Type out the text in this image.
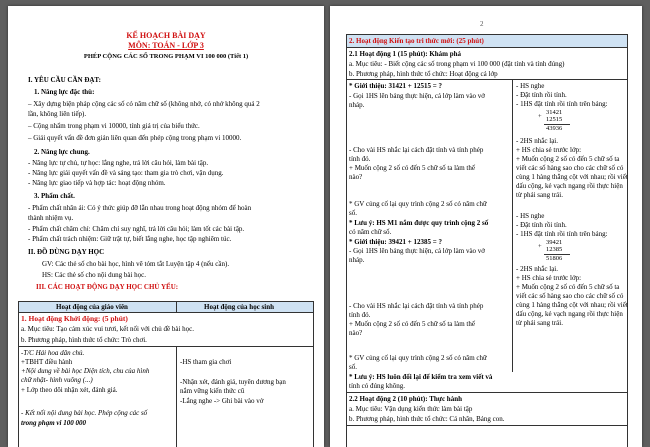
KẾ HOẠCH BÀI DẠY
MÔN: TOÁN - LỚP 3
PHÉP CỘNG CÁC SỐ TRONG PHẠM VI 100 000 (Tiết 1)
I. YÊU CẦU CẦN ĐẠT:
1. Năng lực đặc thù:
– Xây dựng biện pháp cộng các số có năm chữ số (không nhớ, có nhớ không quá 2
lần, không liên tiếp).
– Cộng nhẩm trong phạm vi 10000, tính giá trị của biểu thức.
– Giải quyết vấn đề đơn giản liên quan đến phép cộng trong phạm vi 10000.
2. Năng lực chung.
- Năng lực tự chủ, tự học: lắng nghe, trả lời câu hỏi, làm bài tập.
- Năng lực giải quyết vấn đề và sáng tạo: tham gia trò chơi, vận dụng.
- Năng lực giao tiếp và hợp tác: hoạt động nhóm.
3. Phẩm chất.
- Phẩm chất nhân ái: Có ý thức giúp đỡ lẫn nhau trong hoạt động nhóm để hoàn
thành nhiệm vụ.
- Phẩm chất chăm chỉ: Chăm chỉ suy nghĩ, trả lời câu hỏi; làm tốt các bài tập.
- Phẩm chất trách nhiệm: Giữ trật tự, biết lắng nghe, học tập nghiêm túc.
II. ĐỒ DÙNG DẠY HỌC
GV: Các thẻ số cho bài học, hình vẽ tóm tắt Luyện tập 4 (nếu cần).
HS: Các thẻ số cho nội dung bài học.
III. CÁC HOẠT ĐỘNG DẠY HỌC CHỦ YẾU:
Hoạt động của giáo viên	Hoạt động của học sinh
1. Hoạt động Khởi động: (5 phút)
a. Mục tiêu: Tạo cảm xúc vui tươi, kết nối với chủ đề bài học.
b. Phương pháp, hình thức tổ chức: Trò chơi.
-T/C Hái hoa dân chủ.
+TBHT điều hành
+Nội dung về bài học Diện tích, chu của hình
chữ nhật- hình vuông (...)
+ Lớp theo dõi nhận xét, đánh giá.
- Kết nối nội dung bài học. Phép cộng các số
trong phạm vi 100 000
-HS tham gia chơi
-Nhận xét, đánh giá, tuyên dương bạn
nắm vững kiến thức cũ
-Lắng nghe -> Ghi bài vào vở
2
2. Hoạt động Kiến tạo tri thức mới: (25 phút)
2.1 Hoạt động 1 (15 phút): Khám phá
a. Mục tiêu: - Biết cộng các số trong phạm vi 100 000 (đặt tính và tính đúng)
b. Phương pháp, hình thức tổ chức: Hoạt động cả lớp
* Giới thiệu: 31421 + 12515 = ?
- Gọi 1HS lên bảng thực hiện, cả lớp làm vào vở
nháp.
- Cho vài HS nhắc lại cách đặt tính và tính phép
tính đó.
+ Muốn cộng 2 số có đến 5 chữ số ta làm thế
nào?
* GV củng cố lại quy trình cộng 2 số có năm chữ
số.
* Lưu ý: HS M1 nắm được quy trình cộng 2 số
có năm chữ số.
* Giới thiệu: 39421 + 12385 = ?
- Gọi 1HS lên bảng thực hiện, cả lớp làm vào vở
nháp.
- Cho vài HS nhắc lại cách đặt tính và tính phép
tính đó.
+ Muốn cộng 2 số có đến 5 chữ số ta làm thế
nào?
* GV củng cố lại quy trình cộng 2 số có năm chữ
số.
* Lưu ý: HS luôn đổi lại để kiểm tra xem viết và
tính có đúng không.
- HS nghe
- Đặt tính rồi tính.
- 1HS đặt tính rồi tính trên bảng:
31421
+ 12515
43936
- 2HS nhắc lại.
+ HS chia sẻ trước lớp:
+ Muốn cộng 2 số có đến 5 chữ số ta
viết các số hàng sao cho các chữ số có
cùng 1 hàng thẳng cột với nhau; rồi viết
dấu cộng, kẻ vạch ngang rồi thực hiện
từ phải sang trái.
- HS nghe
- Đặt tính rồi tính.
- 1HS đặt tính rồi tính trên bảng:
39421
+ 12385
51806
- 2HS nhắc lại.
+ HS chia sẻ trước lớp:
+ Muốn cộng 2 số có đến 5 chữ số ta
viết các số hàng sao cho các chữ số có
cùng 1 hàng thẳng cột với nhau; rồi viết
dấu cộng, kẻ vạch ngang rồi thực hiện
từ phải sang trái.
2.2 Hoạt động 2 (10 phút): Thực hành
a. Mục tiêu: Vận dụng kiến thức làm bài tập
b. Phương pháp, hình thức tổ chức: Cá nhân, Bảng con.
